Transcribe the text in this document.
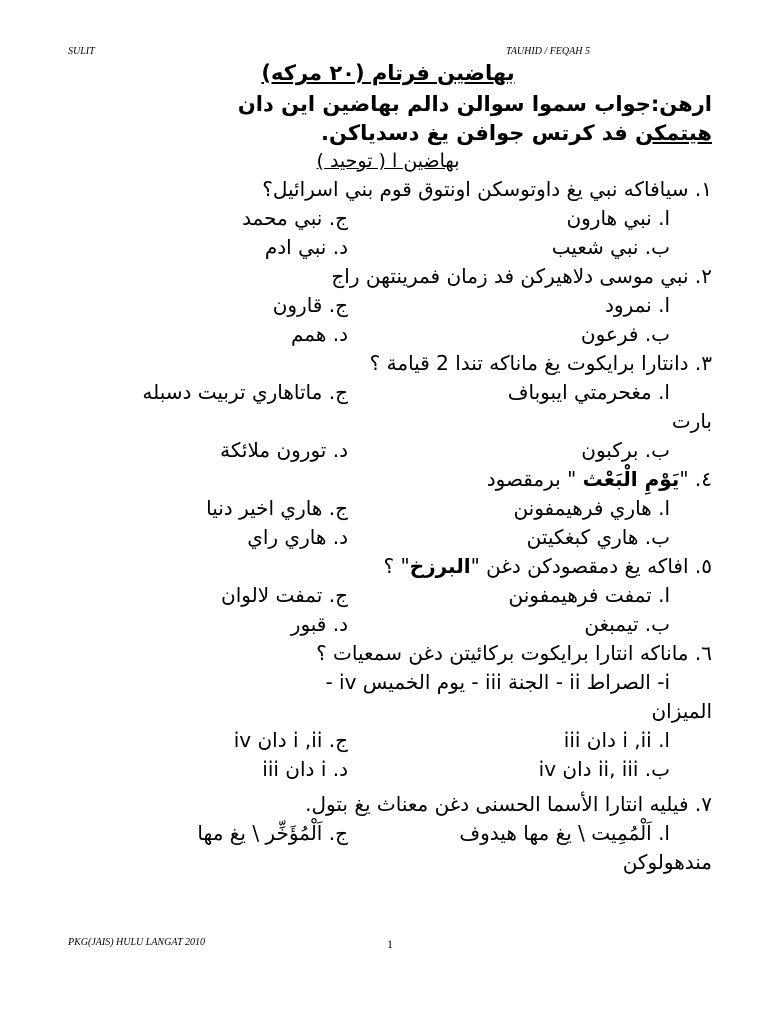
SULIT	TAUHID / FEQAH 5
بهاضين فرتام (٢٠ مركه)
ارهن:جواب سموا سوالن دالم بهاضين اين دان
هيتمكن فد كرتس جوافن يغ دسدياكن.
بهاضين ا ( توحيد )
١. سيافاكه نبي يغ داوتوسكن اونتوق قوم بني اسرائيل؟
ا. نبي هارون
ج. نبي محمد
ب. نبي شعيب
د. نبي ادم
٢. نبي موسى دلاهيركن فد زمان فمرينتهن راج
ا. نمرود
ج. قارون
ب. فرعون
د. همم
٣. دانتارا برايكوت يغ ماناكه تندا 2 قيامة ؟
ا. مغحرمتي ايبوباف
ج. ماتاهاري تربيت دسبله
بارت
ب. بركبون
د. تورون ملائكة
٤. "يَوْمِ الْبَعْث " برمقصود
ا. هاري فرهيمفونن
ج. هاري اخير دنيا
ب. هاري كبغكيتن
د. هاري راي
٥. افاكه يغ دمقصودكن دغن "البرزخ" ؟
ا. تمفت فرهيمفونن
ج. تمفت لالوان
ب. تيمبغن
د. قبور
٦. ماناكه انتارا برايكوت بركائيتن دغن سمعيات ؟
i- الصراط ii - الجنة iii - يوم الخميس iv -
الميزان
ا. i ,ii دان iii
ج. i ,ii دان iv
ب. ii, iii دان iv
د. i دان iii
٧. فيليه انتارا الأسما الحسنى دغن معناث يغ بتول.
ا. اَلْمُمِيت \ يغ مها هيدوف
ج. اَلْمُؤَخِّر \ يغ مها
مندهولوكن
PKG(JAIS) HULU LANGAT 2010	1
